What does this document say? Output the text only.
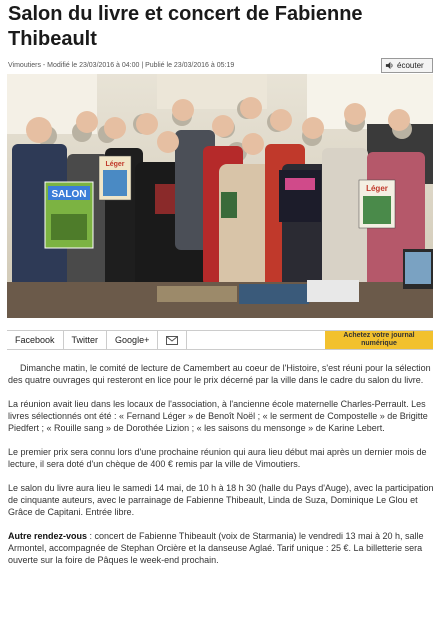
Salon du livre et concert de Fabienne Thibeault
Vimoutiers - Modifié le 23/03/2016 à 04:00 | Publié le 23/03/2016 à 05:19	écouter
SALON
Léger
Léger
Facebook Twitter Google+	Achetez votre journal
numérique

Dimanche matin, le comité de lecture de Camembert au coeur de l'Histoire, s'est réuni pour la sélection des quatre ouvrages qui resteront en lice pour le prix décerné par la ville dans le cadre du salon du livre.

La réunion avait lieu dans les locaux de l'association, à l'ancienne école maternelle Charles-Perrault. Les livres sélectionnés ont été : « Fernand Léger » de Benoît Noël ; « le serment de Compostelle » de Brigitte Piedfert ; « Rouille sang » de Dorothée Lizion ; « les saisons du mensonge » de Karine Lebert.

Le premier prix sera connu lors d'une prochaine réunion qui aura lieu début mai après un dernier mois de lecture, il sera doté d'un chèque de 400 € remis par la ville de Vimoutiers.

Le salon du livre aura lieu le samedi 14 mai, de 10 h à 18 h 30 (halle du Pays d'Auge), avec la participation de cinquante auteurs, avec le parrainage de Fabienne Thibeault, Linda de Suza, Dominique Le Glou et Grâce de Capitani. Entrée libre.

Autre rendez-vous : concert de Fabienne Thibeault (voix de Starmania) le vendredi 13 mai à 20 h, salle Armontel, accompagnée de Stephan Orcière et la danseuse Aglaé. Tarif unique : 25 €. La billetterie sera ouverte sur la foire de Pâques le week-end prochain.
